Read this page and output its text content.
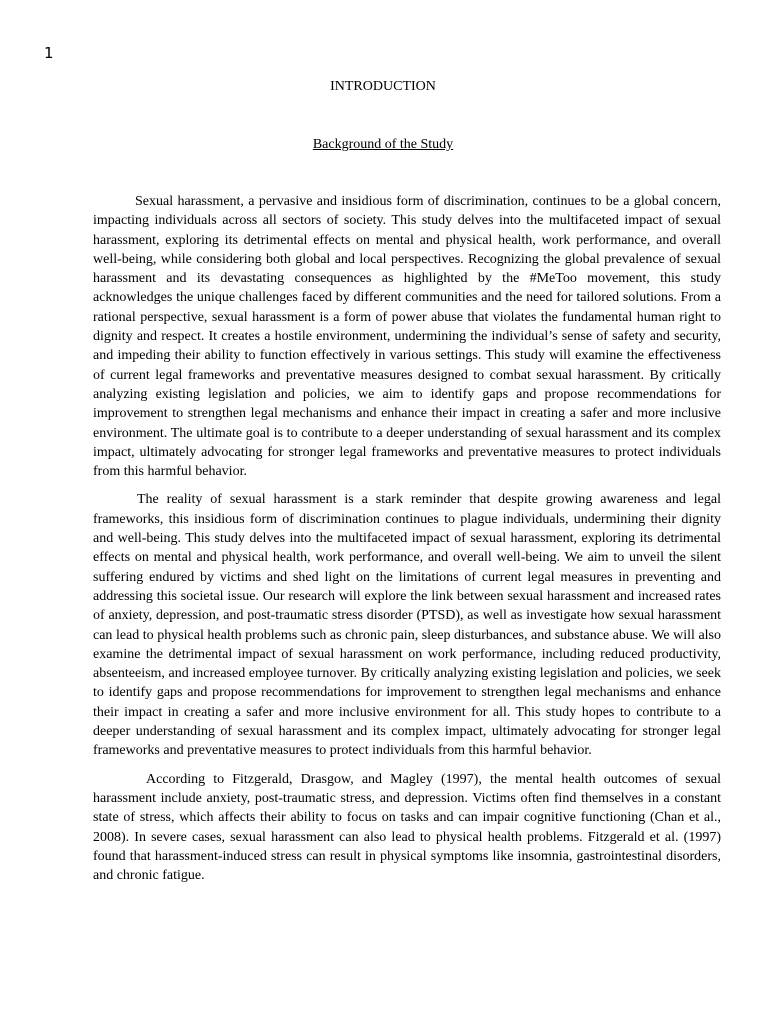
1
INTRODUCTION
Background of the Study

Sexual harassment, a pervasive and insidious form of discrimination, continues to be a global concern, impacting individuals across all sectors of society. This study delves into the multifaceted impact of sexual harassment, exploring its detrimental effects on mental and physical health, work performance, and overall well-being, while considering both global and local perspectives. Recognizing the global prevalence of sexual harassment and its devastating consequences as highlighted by the #MeToo movement, this study acknowledges the unique challenges faced by different communities and the need for tailored solutions. From a rational perspective, sexual harassment is a form of power abuse that violates the fundamental human right to dignity and respect. It creates a hostile environment, undermining the individual’s sense of safety and security, and impeding their ability to function effectively in various settings. This study will examine the effectiveness of current legal frameworks and preventative measures designed to combat sexual harassment. By critically analyzing existing legislation and policies, we aim to identify gaps and propose recommendations for improvement to strengthen legal mechanisms and enhance their impact in creating a safer and more inclusive environment. The ultimate goal is to contribute to a deeper understanding of sexual harassment and its complex impact, ultimately advocating for stronger legal frameworks and preventative measures to protect individuals from this harmful behavior.

The reality of sexual harassment is a stark reminder that despite growing awareness and legal frameworks, this insidious form of discrimination continues to plague individuals, undermining their dignity and well-being. This study delves into the multifaceted impact of sexual harassment, exploring its detrimental effects on mental and physical health, work performance, and overall well-being. We aim to unveil the silent suffering endured by victims and shed light on the limitations of current legal measures in preventing and addressing this societal issue. Our research will explore the link between sexual harassment and increased rates of anxiety, depression, and post-traumatic stress disorder (PTSD), as well as investigate how sexual harassment can lead to physical health problems such as chronic pain, sleep disturbances, and substance abuse. We will also examine the detrimental impact of sexual harassment on work performance, including reduced productivity, absenteeism, and increased employee turnover. By critically analyzing existing legislation and policies, we seek to identify gaps and propose recommendations for improvement to strengthen legal mechanisms and enhance their impact in creating a safer and more inclusive environment for all. This study hopes to contribute to a deeper understanding of sexual harassment and its complex impact, ultimately advocating for stronger legal frameworks and preventative measures to protect individuals from this harmful behavior.

According to Fitzgerald, Drasgow, and Magley (1997), the mental health outcomes of sexual harassment include anxiety, post-traumatic stress, and depression. Victims often find themselves in a constant state of stress, which affects their ability to focus on tasks and can impair cognitive functioning (Chan et al., 2008). In severe cases, sexual harassment can also lead to physical health problems. Fitzgerald et al. (1997) found that harassment-induced stress can result in physical symptoms like insomnia, gastrointestinal disorders, and chronic fatigue.
